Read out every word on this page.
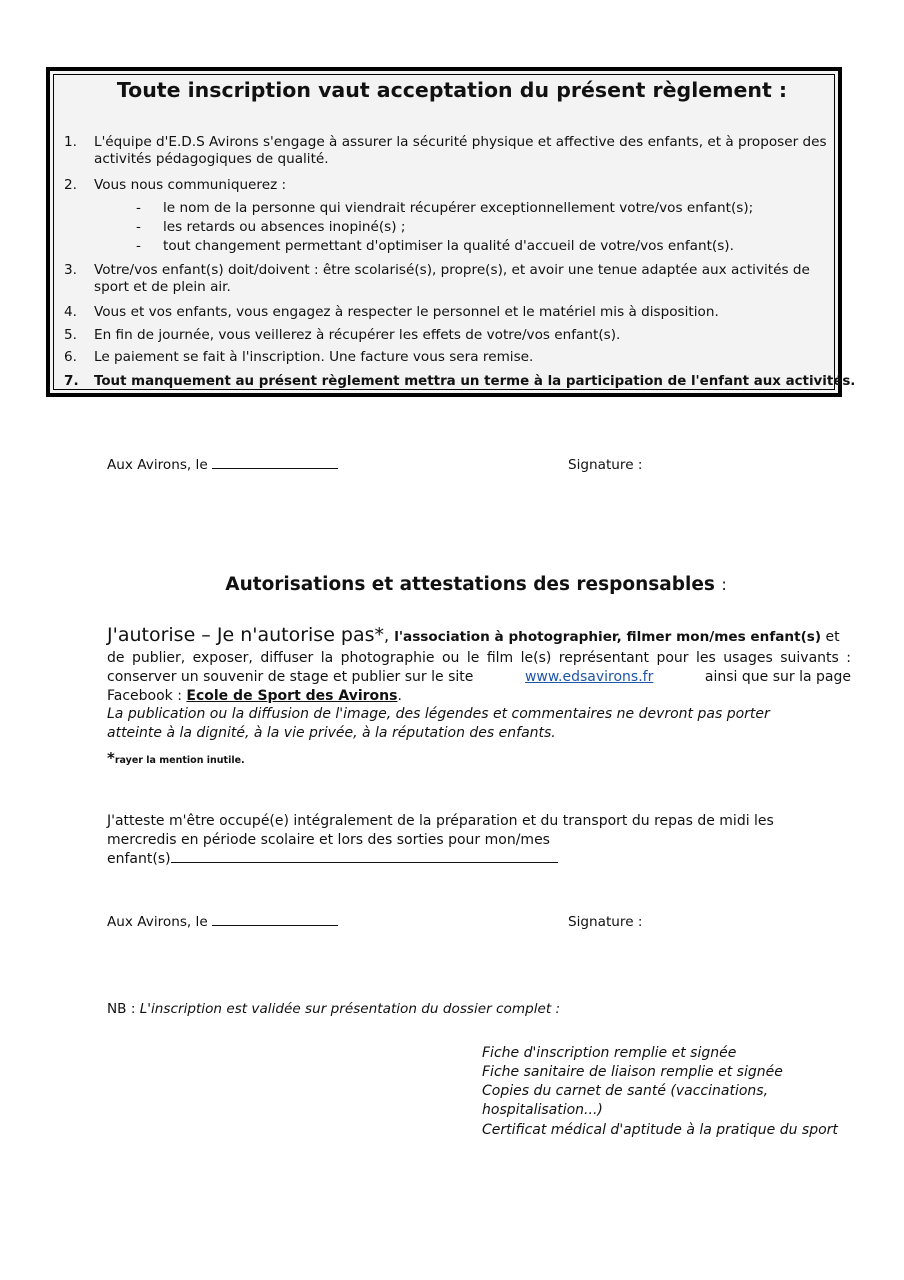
Toute inscription vaut acceptation du présent règlement :
1. L'équipe d'E.D.S Avirons s'engage à assurer la sécurité physique et affective des enfants, et à proposer des
activités pédagogiques de qualité.
2. Vous nous communiquerez :
- le nom de la personne qui viendrait récupérer exceptionnellement votre/vos enfant(s);
- les retards ou absences inopiné(s) ;
- tout changement permettant d'optimiser la qualité d'accueil de votre/vos enfant(s).
3. Votre/vos enfant(s) doit/doivent : être scolarisé(s), propre(s), et avoir une tenue adaptée aux activités de
sport et de plein air.
4. Vous et vos enfants, vous engagez à respecter le personnel et le matériel mis à disposition.
5. En fin de journée, vous veillerez à récupérer les effets de votre/vos enfant(s).
6. Le paiement se fait à l'inscription. Une facture vous sera remise.
7. Tout manquement au présent règlement mettra un terme à la participation de l'enfant aux activités.
Aux Avirons, le	Signature :
Autorisations et attestations des responsables :
J'autorise – Je n'autorise pas*, l'association à photographier, filmer mon/mes enfant(s) et
de publier, exposer, diffuser la photographie ou le film le(s) représentant pour les usages suivants :
conserver un souvenir de stage et publier sur le site	www.edsavirons.fr	ainsi que sur la page
Facebook : Ecole de Sport des Avirons.
La publication ou la diffusion de l'image, des légendes et commentaires ne devront pas porter
atteinte à la dignité, à la vie privée, à la réputation des enfants.
*rayer la mention inutile.
J'atteste m'être occupé(e) intégralement de la préparation et du transport du repas de midi les
mercredis en période scolaire et lors des sorties pour mon/mes
enfant(s)
Aux Avirons, le	Signature :
NB : L'inscription est validée sur présentation du dossier complet :
Fiche d'inscription remplie et signée
Fiche sanitaire de liaison remplie et signée
Copies du carnet de santé (vaccinations,
hospitalisation...)
Certificat médical d'aptitude à la pratique du sport
